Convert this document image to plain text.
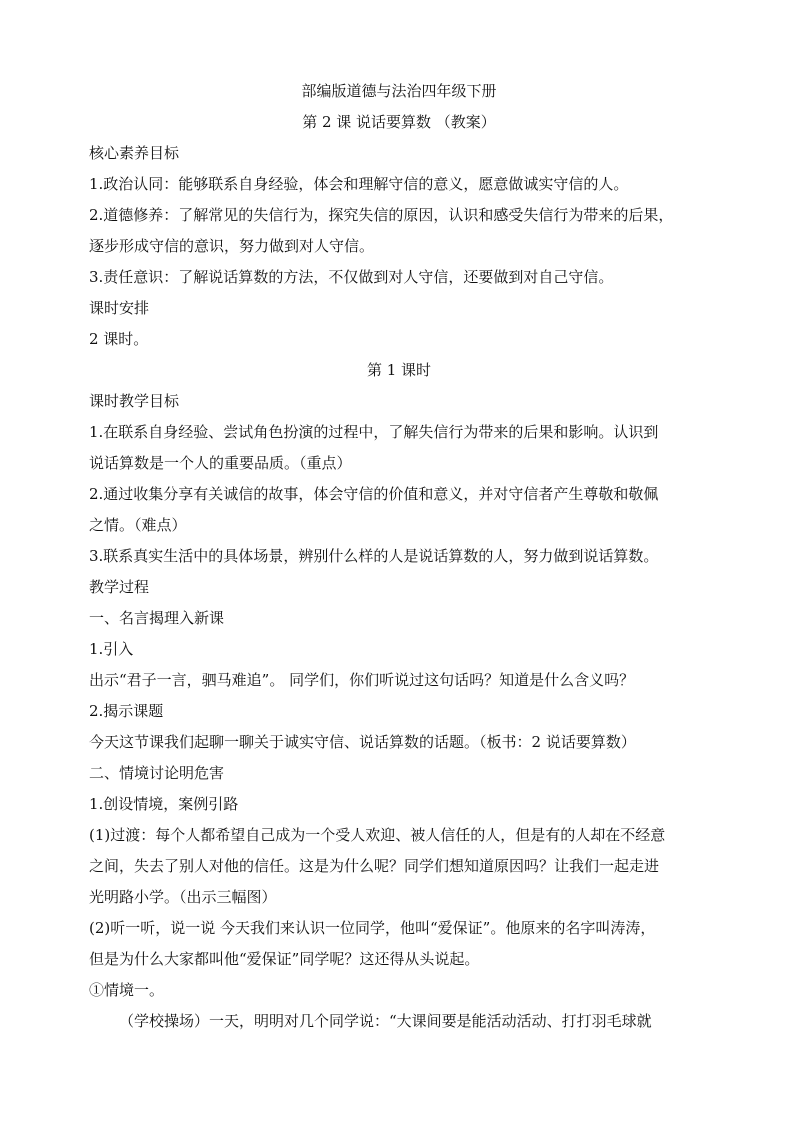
部编版道德与法治四年级下册
第 2 课 说话要算数 （教案）
核心素养目标
1.政治认同：能够联系自身经验，体会和理解守信的意义，愿意做诚实守信的人。
2.道德修养：了解常见的失信行为，探究失信的原因，认识和感受失信行为带来的后果，
逐步形成守信的意识，努力做到对人守信。
3.责任意识：了解说话算数的方法，不仅做到对人守信，还要做到对自己守信。
课时安排
2 课时。
第 1 课时
课时教学目标
1.在联系自身经验、尝试角色扮演的过程中，了解失信行为带来的后果和影响。认识到
说话算数是一个人的重要品质。（重点）
2.通过收集分享有关诚信的故事，体会守信的价值和意义，并对守信者产生尊敬和敬佩
之情。（难点）
3.联系真实生活中的具体场景，辨别什么样的人是说话算数的人，努力做到说话算数。
教学过程
一、名言揭理入新课
1.引入
出示“君子一言，驷马难追”。 同学们，你们听说过这句话吗？知道是什么含义吗？
2.揭示课题
今天这节课我们起聊一聊关于诚实守信、说话算数的话题。（板书：2 说话要算数）
二、情境讨论明危害
1.创设情境，案例引路
(1)过渡：每个人都希望自己成为一个受人欢迎、被人信任的人，但是有的人却在不经意
之间，失去了别人对他的信任。这是为什么呢？同学们想知道原因吗？让我们一起走进
光明路小学。（出示三幅图）
(2)听一听，说一说 今天我们来认识一位同学，他叫“爱保证”。他原来的名字叫涛涛，
但是为什么大家都叫他“爱保证”同学呢？这还得从头说起。
①情境一。
（学校操场）一天，明明对几个同学说：“大课间要是能活动活动、打打羽毛球就
